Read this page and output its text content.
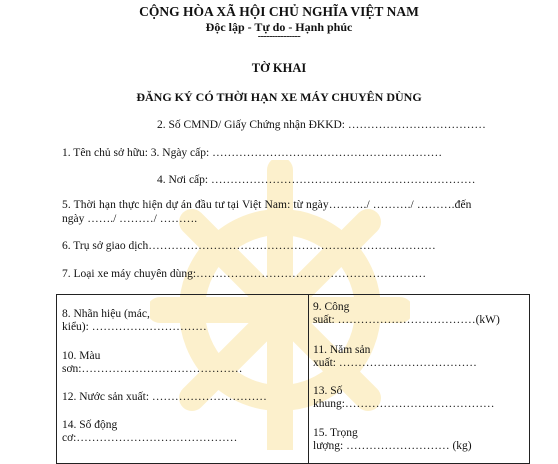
CỘNG HÒA XÃ HỘI CHỦ NGHĨA VIỆT NAM
Độc lập - Tự do - Hạnh phúc
---------------
TỜ KHAI
ĐĂNG KÝ CÓ THỜI HẠN XE MÁY CHUYÊN DÙNG
2. Số CMND/ Giấy Chứng nhận ĐKKD: ………………………………
1. Tên chủ sở hữu: 3. Ngày cấp: ……………………………………………………
4. Nơi cấp: ……………………………………………………………
5. Thời hạn thực hiện dự án đầu tư tại Việt Nam: từ ngày………./ ………./ ……….đến
ngày ……./ ………/ ……….
6. Trụ sở giao dịch…………………………………………………………………
7. Loại xe máy chuyên dùng:……………………………………………………
8. Nhãn hiệu (mác,
kiểu): …………………………
10. Màu
sơn:……………………………………
12. Nước sản xuất: …………………………
14. Số động
cơ:……………………………………
9. Công
suất: ………………………………(kW)
11. Năm sản
xuất: ………………………………
13. Số
khung:…………………………………
15. Trọng
lượng: ……………………… (kg)
